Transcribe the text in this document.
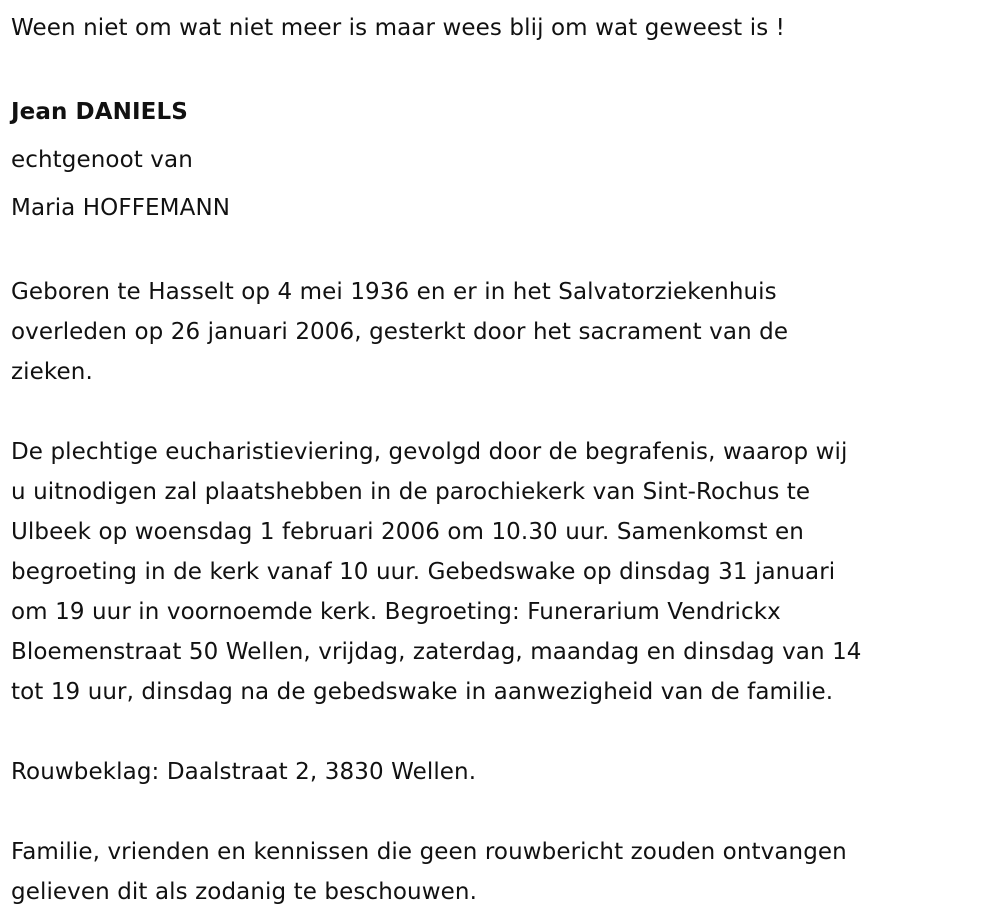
Ween niet om wat niet meer is maar wees blij om wat geweest is !
Jean DANIELS
echtgenoot van
Maria HOFFEMANN
Geboren te Hasselt op 4 mei 1936 en er in het Salvatorziekenhuis
overleden op 26 januari 2006, gesterkt door het sacrament van de
zieken.
De plechtige eucharistieviering, gevolgd door de begrafenis, waarop wij
u uitnodigen zal plaatshebben in de parochiekerk van Sint-Rochus te
Ulbeek op woensdag 1 februari 2006 om 10.30 uur. Samenkomst en
begroeting in de kerk vanaf 10 uur. Gebedswake op dinsdag 31 januari
om 19 uur in voornoemde kerk. Begroeting: Funerarium Vendrickx
Bloemenstraat 50 Wellen, vrijdag, zaterdag, maandag en dinsdag van 14
tot 19 uur, dinsdag na de gebedswake in aanwezigheid van de familie.
Rouwbeklag: Daalstraat 2, 3830 Wellen.
Familie, vrienden en kennissen die geen rouwbericht zouden ontvangen
gelieven dit als zodanig te beschouwen.
